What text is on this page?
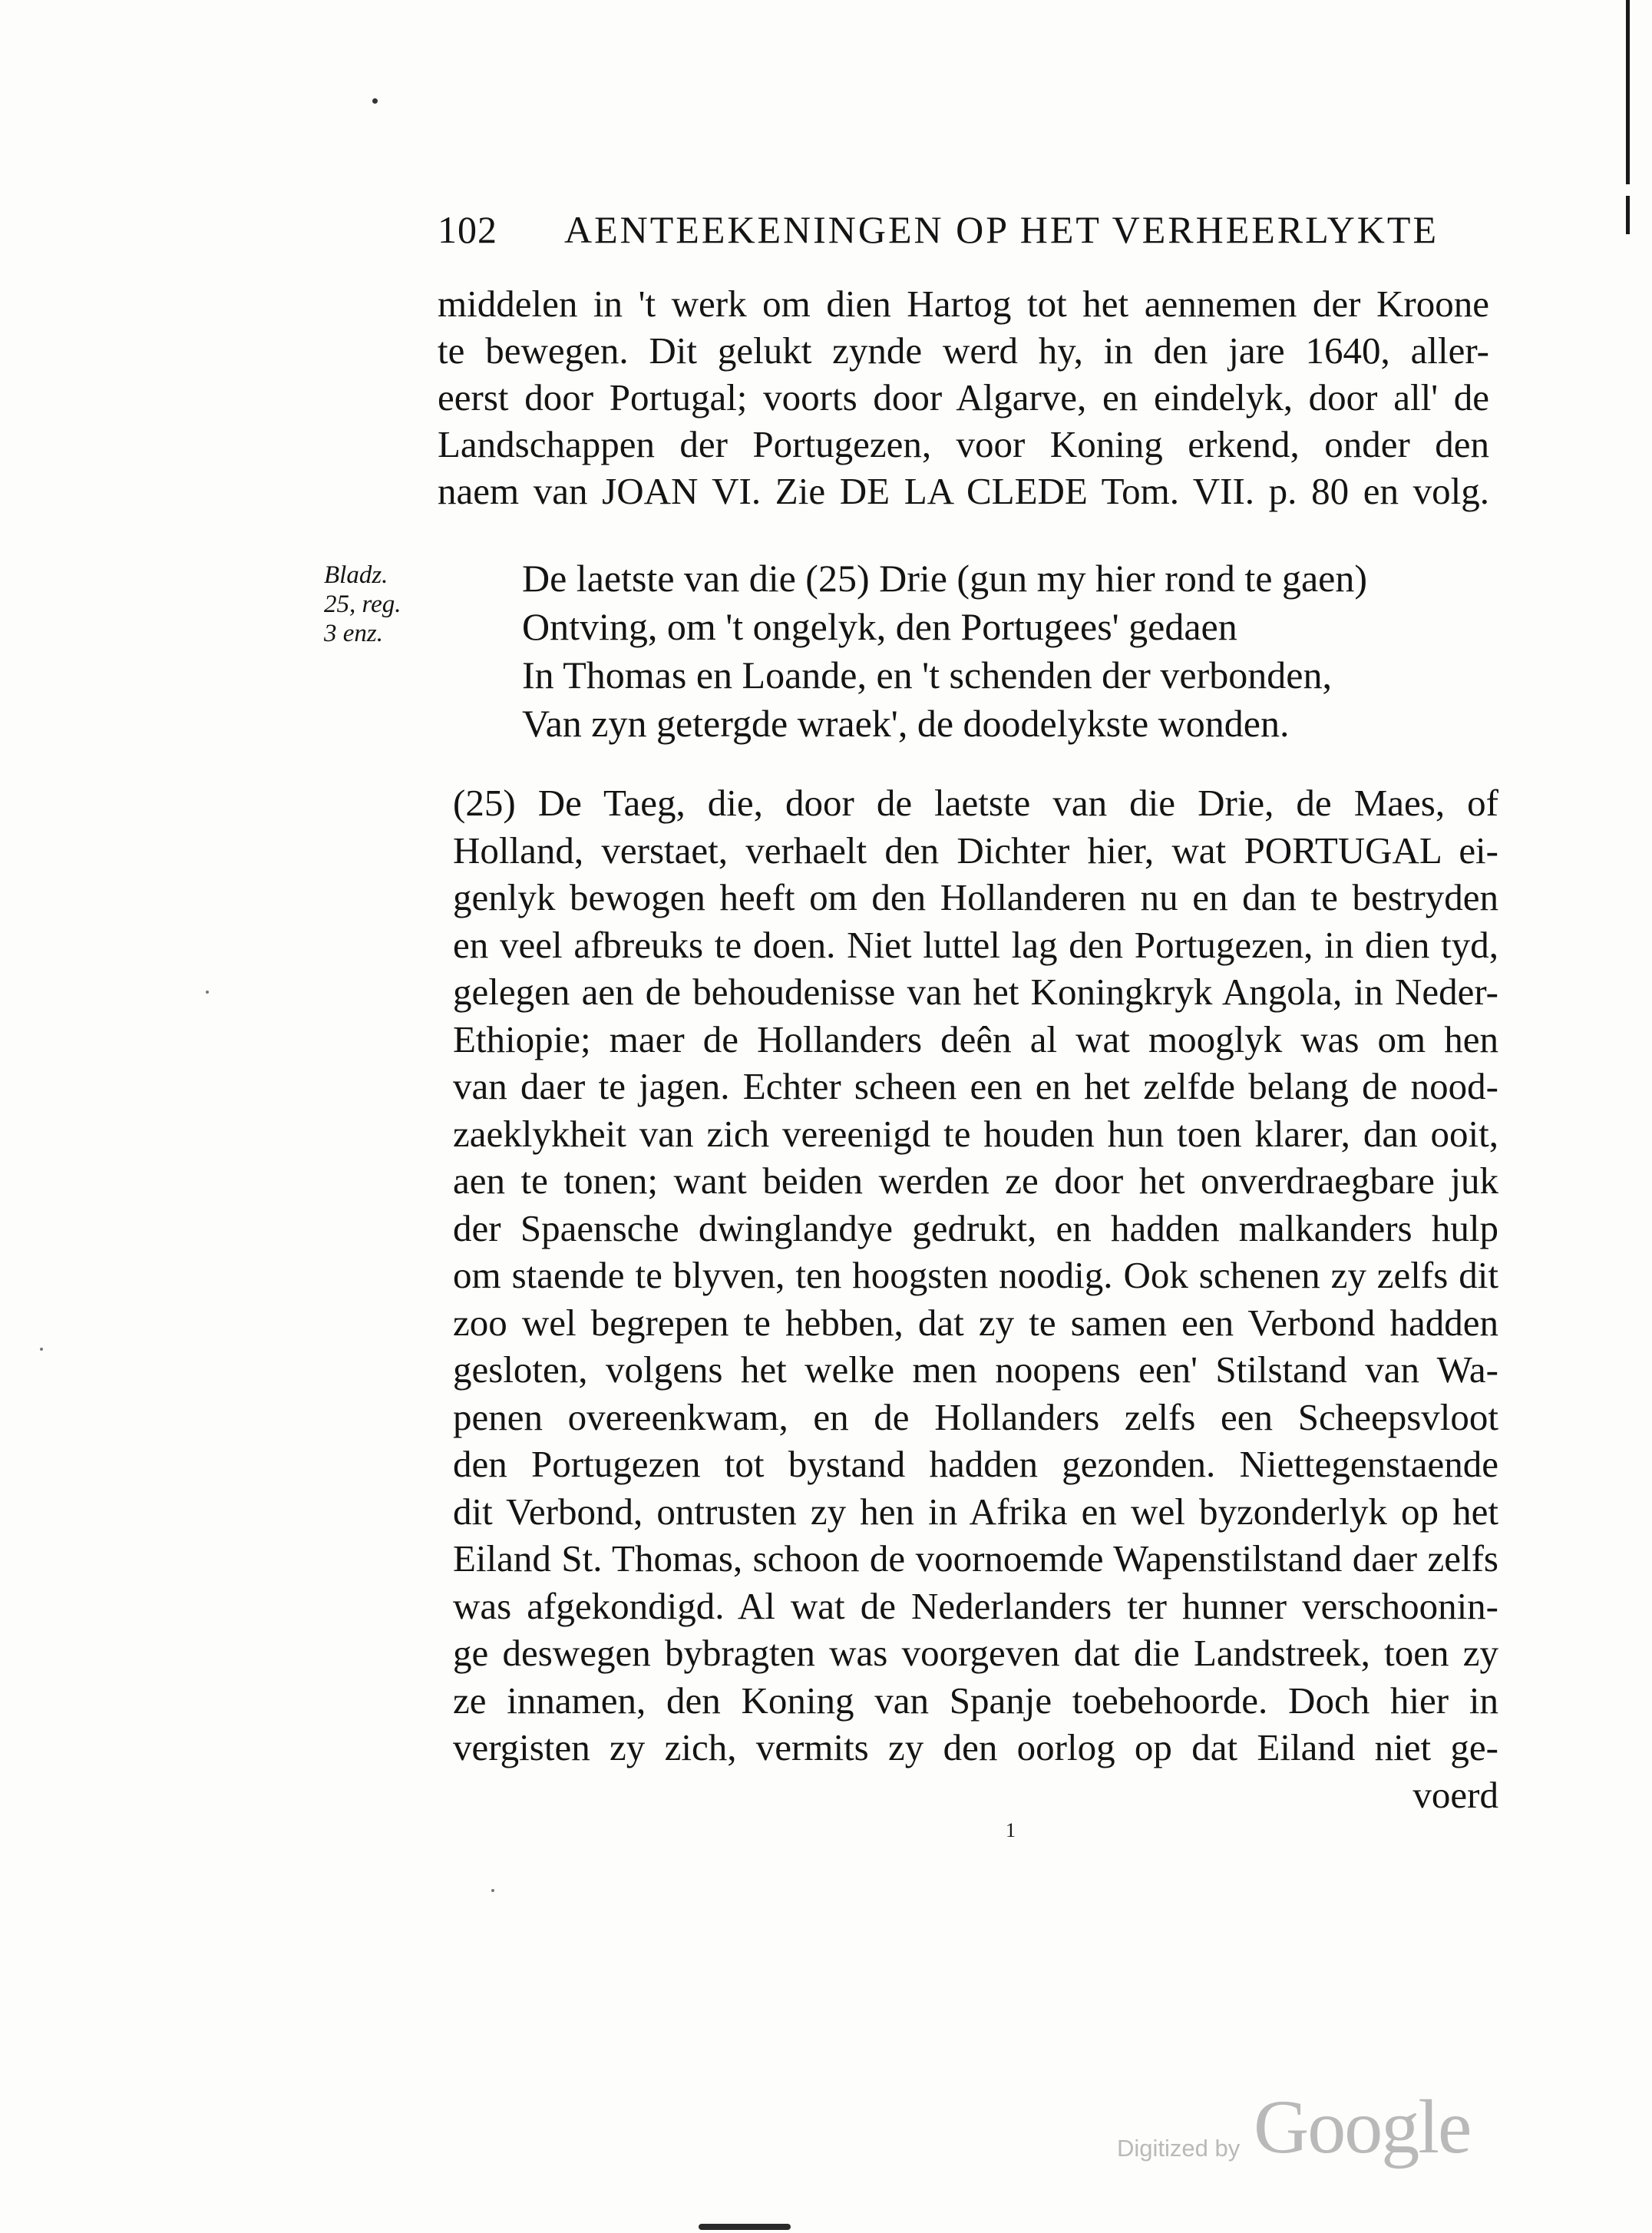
102 AENTEEKENINGEN OP HET VERHEERLYKTE
middelen in 't werk om dien Hartog tot het aennemen der Kroone
te bewegen. Dit gelukt zynde werd hy, in den jare 1640, aller-
eerst door Portugal; voorts door Algarve, en eindelyk, door all' de
Landschappen der Portugezen, voor Koning erkend, onder den
naem van JOAN VI. Zie DE LA CLEDE Tom. VII. p. 80 en volg.
Bladz.
25, reg.
3 enz.
De laetste van die (25) Drie (gun my hier rond te gaen)
Ontving, om 't ongelyk, den Portugees' gedaen
In Thomas en Loande, en 't schenden der verbonden,
Van zyn getergde wraek', de doodelykste wonden.
(25) De Taeg, die, door de laetste van die Drie, de Maes, of
Holland, verstaet, verhaelt den Dichter hier, wat PORTUGAL ei-
genlyk bewogen heeft om den Hollanderen nu en dan te bestryden
en veel afbreuks te doen. Niet luttel lag den Portugezen, in dien tyd,
gelegen aen de behoudenisse van het Koningkryk Angola, in Neder-
Ethiopie; maer de Hollanders deên al wat mooglyk was om hen
van daer te jagen. Echter scheen een en het zelfde belang de nood-
zaeklykheit van zich vereenigd te houden hun toen klarer, dan ooit,
aen te tonen; want beiden werden ze door het onverdraegbare juk
der Spaensche dwinglandye gedrukt, en hadden malkanders hulp
om staende te blyven, ten hoogsten noodig. Ook schenen zy zelfs dit
zoo wel begrepen te hebben, dat zy te samen een Verbond hadden
gesloten, volgens het welke men noopens een' Stilstand van Wa-
penen overeenkwam, en de Hollanders zelfs een Scheepsvloot
den Portugezen tot bystand hadden gezonden. Niettegenstaende
dit Verbond, ontrusten zy hen in Afrika en wel byzonderlyk op het
Eiland St. Thomas, schoon de voornoemde Wapenstilstand daer zelfs
was afgekondigd. Al wat de Nederlanders ter hunner verschoonin-
ge deswegen bybragten was voorgeven dat die Landstreek, toen zy
ze innamen, den Koning van Spanje toebehoorde. Doch hier in
vergisten zy zich, vermits zy den oorlog op dat Eiland niet ge-
voerd
1
Digitized by Google
